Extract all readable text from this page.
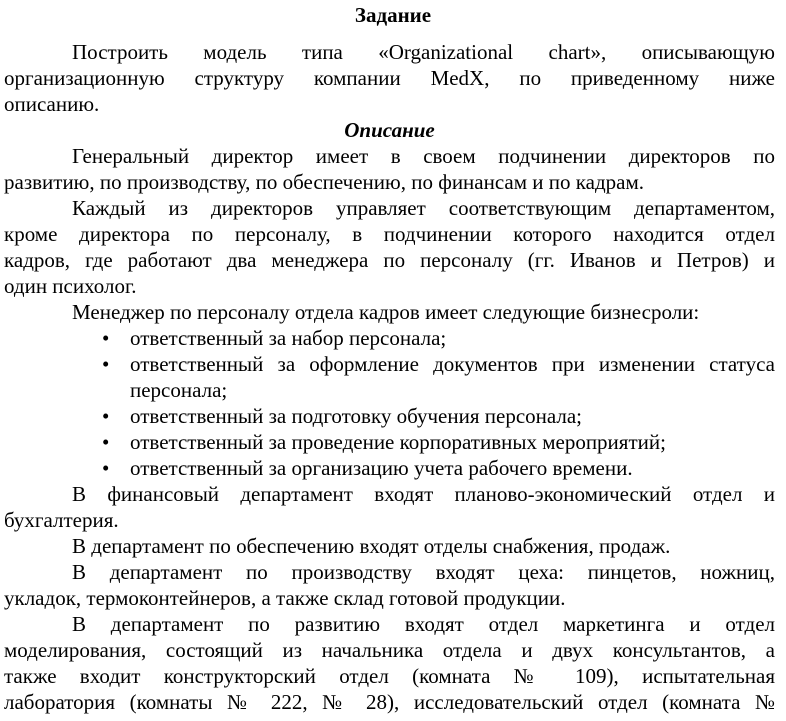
Задание
Построить модель типа «Organizational chart», описывающую
организационную структуру компании MedX, по приведенному ниже
описанию.
Описание
Генеральный директор имеет в своем подчинении директоров по
развитию, по производству, по обеспечению, по финансам и по кадрам.
Каждый из директоров управляет соответствующим департаментом,
кроме директора по персоналу, в подчинении которого находится отдел
кадров, где работают два менеджера по персоналу (гг. Иванов и Петров) и
один психолог.
Менеджер по персоналу отдела кадров имеет следующие бизнесроли:
• ответственный за набор персонала;
• ответственный за оформление документов при изменении статуса
персонала;
• ответственный за подготовку обучения персонала;
• ответственный за проведение корпоративных мероприятий;
• ответственный за организацию учета рабочего времени.
В финансовый департамент входят планово-экономический отдел и
бухгалтерия.
В департамент по обеспечению входят отделы снабжения, продаж.
В департамент по производству входят цеха: пинцетов, ножниц,
укладок, термоконтейнеров, а также склад готовой продукции.
В департамент по развитию входят отдел маркетинга и отдел
моделирования, состоящий из начальника отдела и двух консультантов, а
также входит конструкторский отдел (комната № 109), испытательная
лаборатория (комнаты № 222, № 28), исследовательский отдел (комната №
